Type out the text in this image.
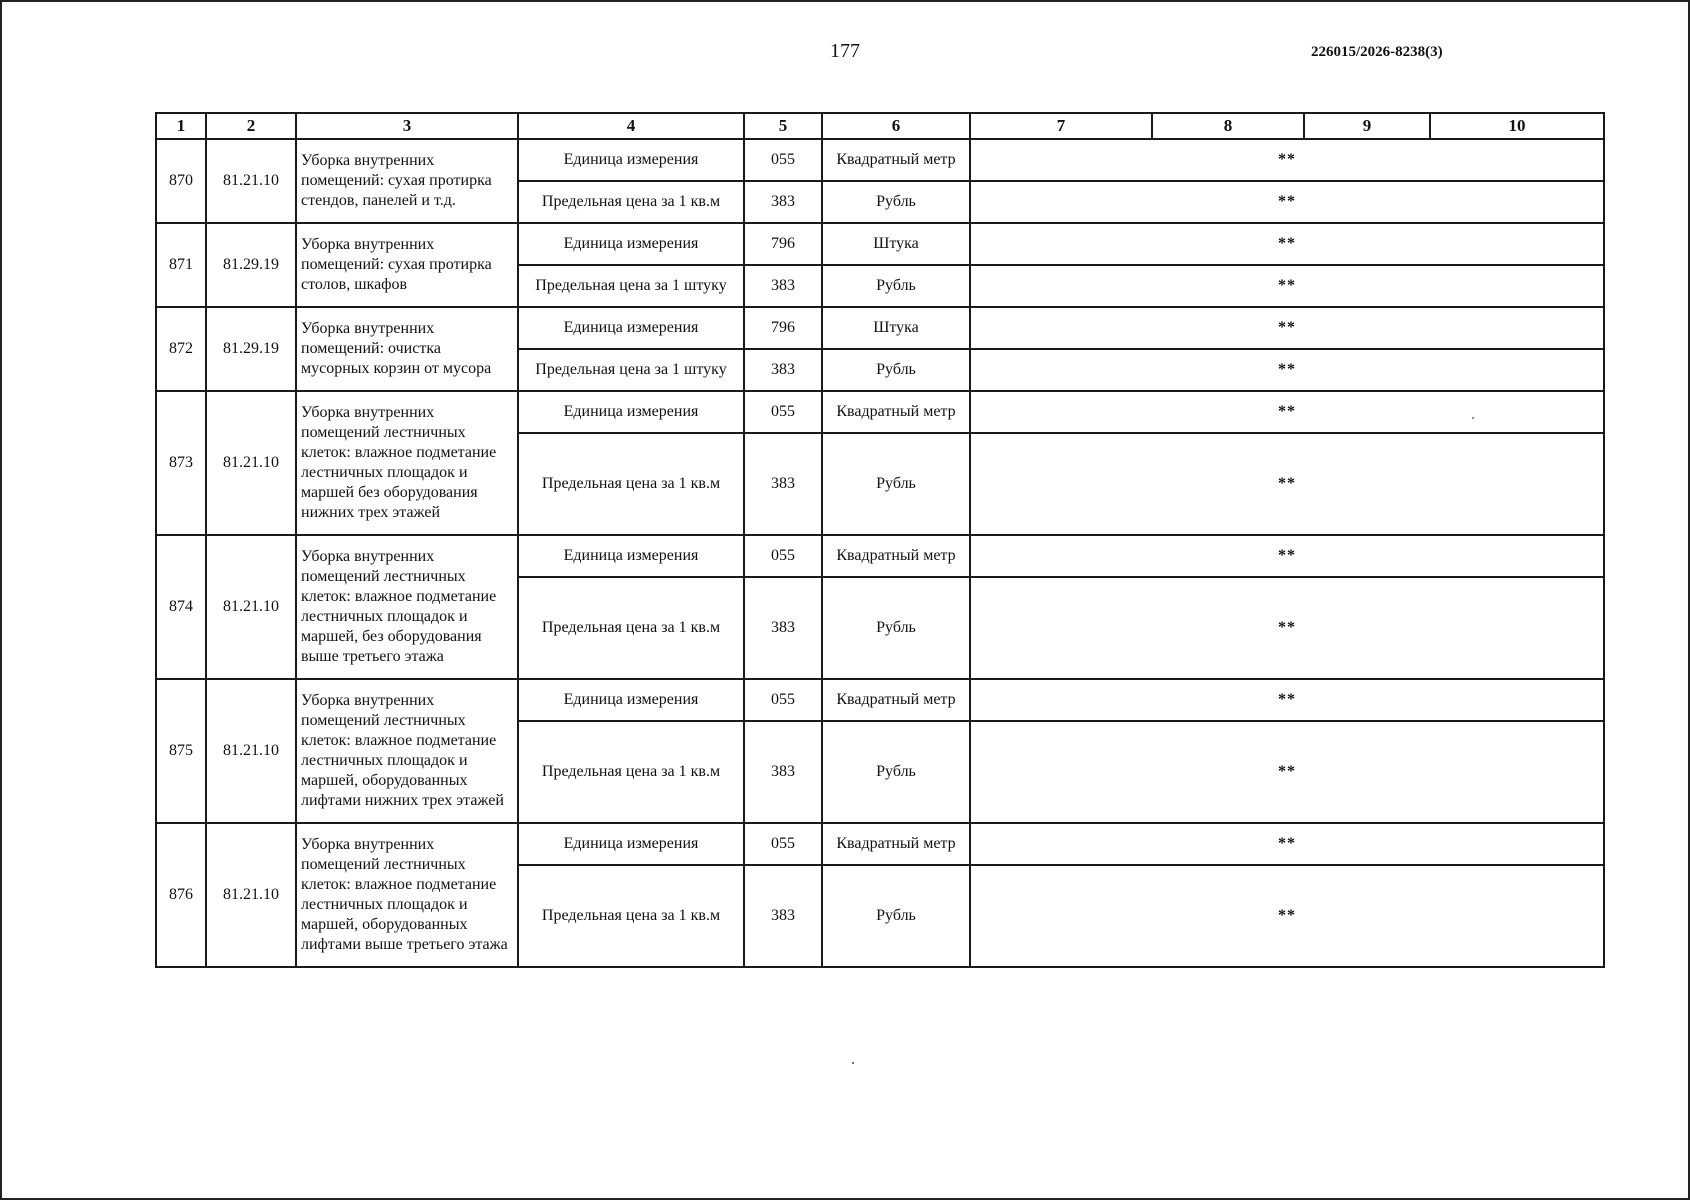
177	226015/2026-8238(3)
1	2	3	4	5	6	7	8	9	10
870	81.21.10	Уборка внутренних помещений: сухая протирка стендов, панелей и т.д.	Единица измерения	055	Квадратный метр	**			
			Предельная цена за 1 кв.м	383	Рубль	**			
871	81.29.19	Уборка внутренних помещений: сухая протирка столов, шкафов	Единица измерения	796	Штука	**			
			Предельная цена за 1 штуку	383	Рубль	**			
872	81.29.19	Уборка внутренних помещений: очистка мусорных корзин от мусора	Единица измерения	796	Штука	**			
			Предельная цена за 1 штуку	383	Рубль	**			
873	81.21.10	Уборка внутренних помещений лестничных клеток: влажное подметание лестничных площадок и маршей без оборудования нижних трех этажей	Единица измерения	055	Квадратный метр	**			
			Предельная цена за 1 кв.м	383	Рубль	**			
874	81.21.10	Уборка внутренних помещений лестничных клеток: влажное подметание лестничных площадок и маршей, без оборудования выше третьего этажа	Единица измерения	055	Квадратный метр	**			
			Предельная цена за 1 кв.м	383	Рубль	**			
875	81.21.10	Уборка внутренних помещений лестничных клеток: влажное подметание лестничных площадок и маршей, оборудованных лифтами нижних трех этажей	Единица измерения	055	Квадратный метр	**			
			Предельная цена за 1 кв.м	383	Рубль	**			
876	81.21.10	Уборка внутренних помещений лестничных клеток: влажное подметание лестничных площадок и маршей, оборудованных лифтами выше третьего этажа	Единица измерения	055	Квадратный метр	**			
			Предельная цена за 1 кв.м	383	Рубль	**			
